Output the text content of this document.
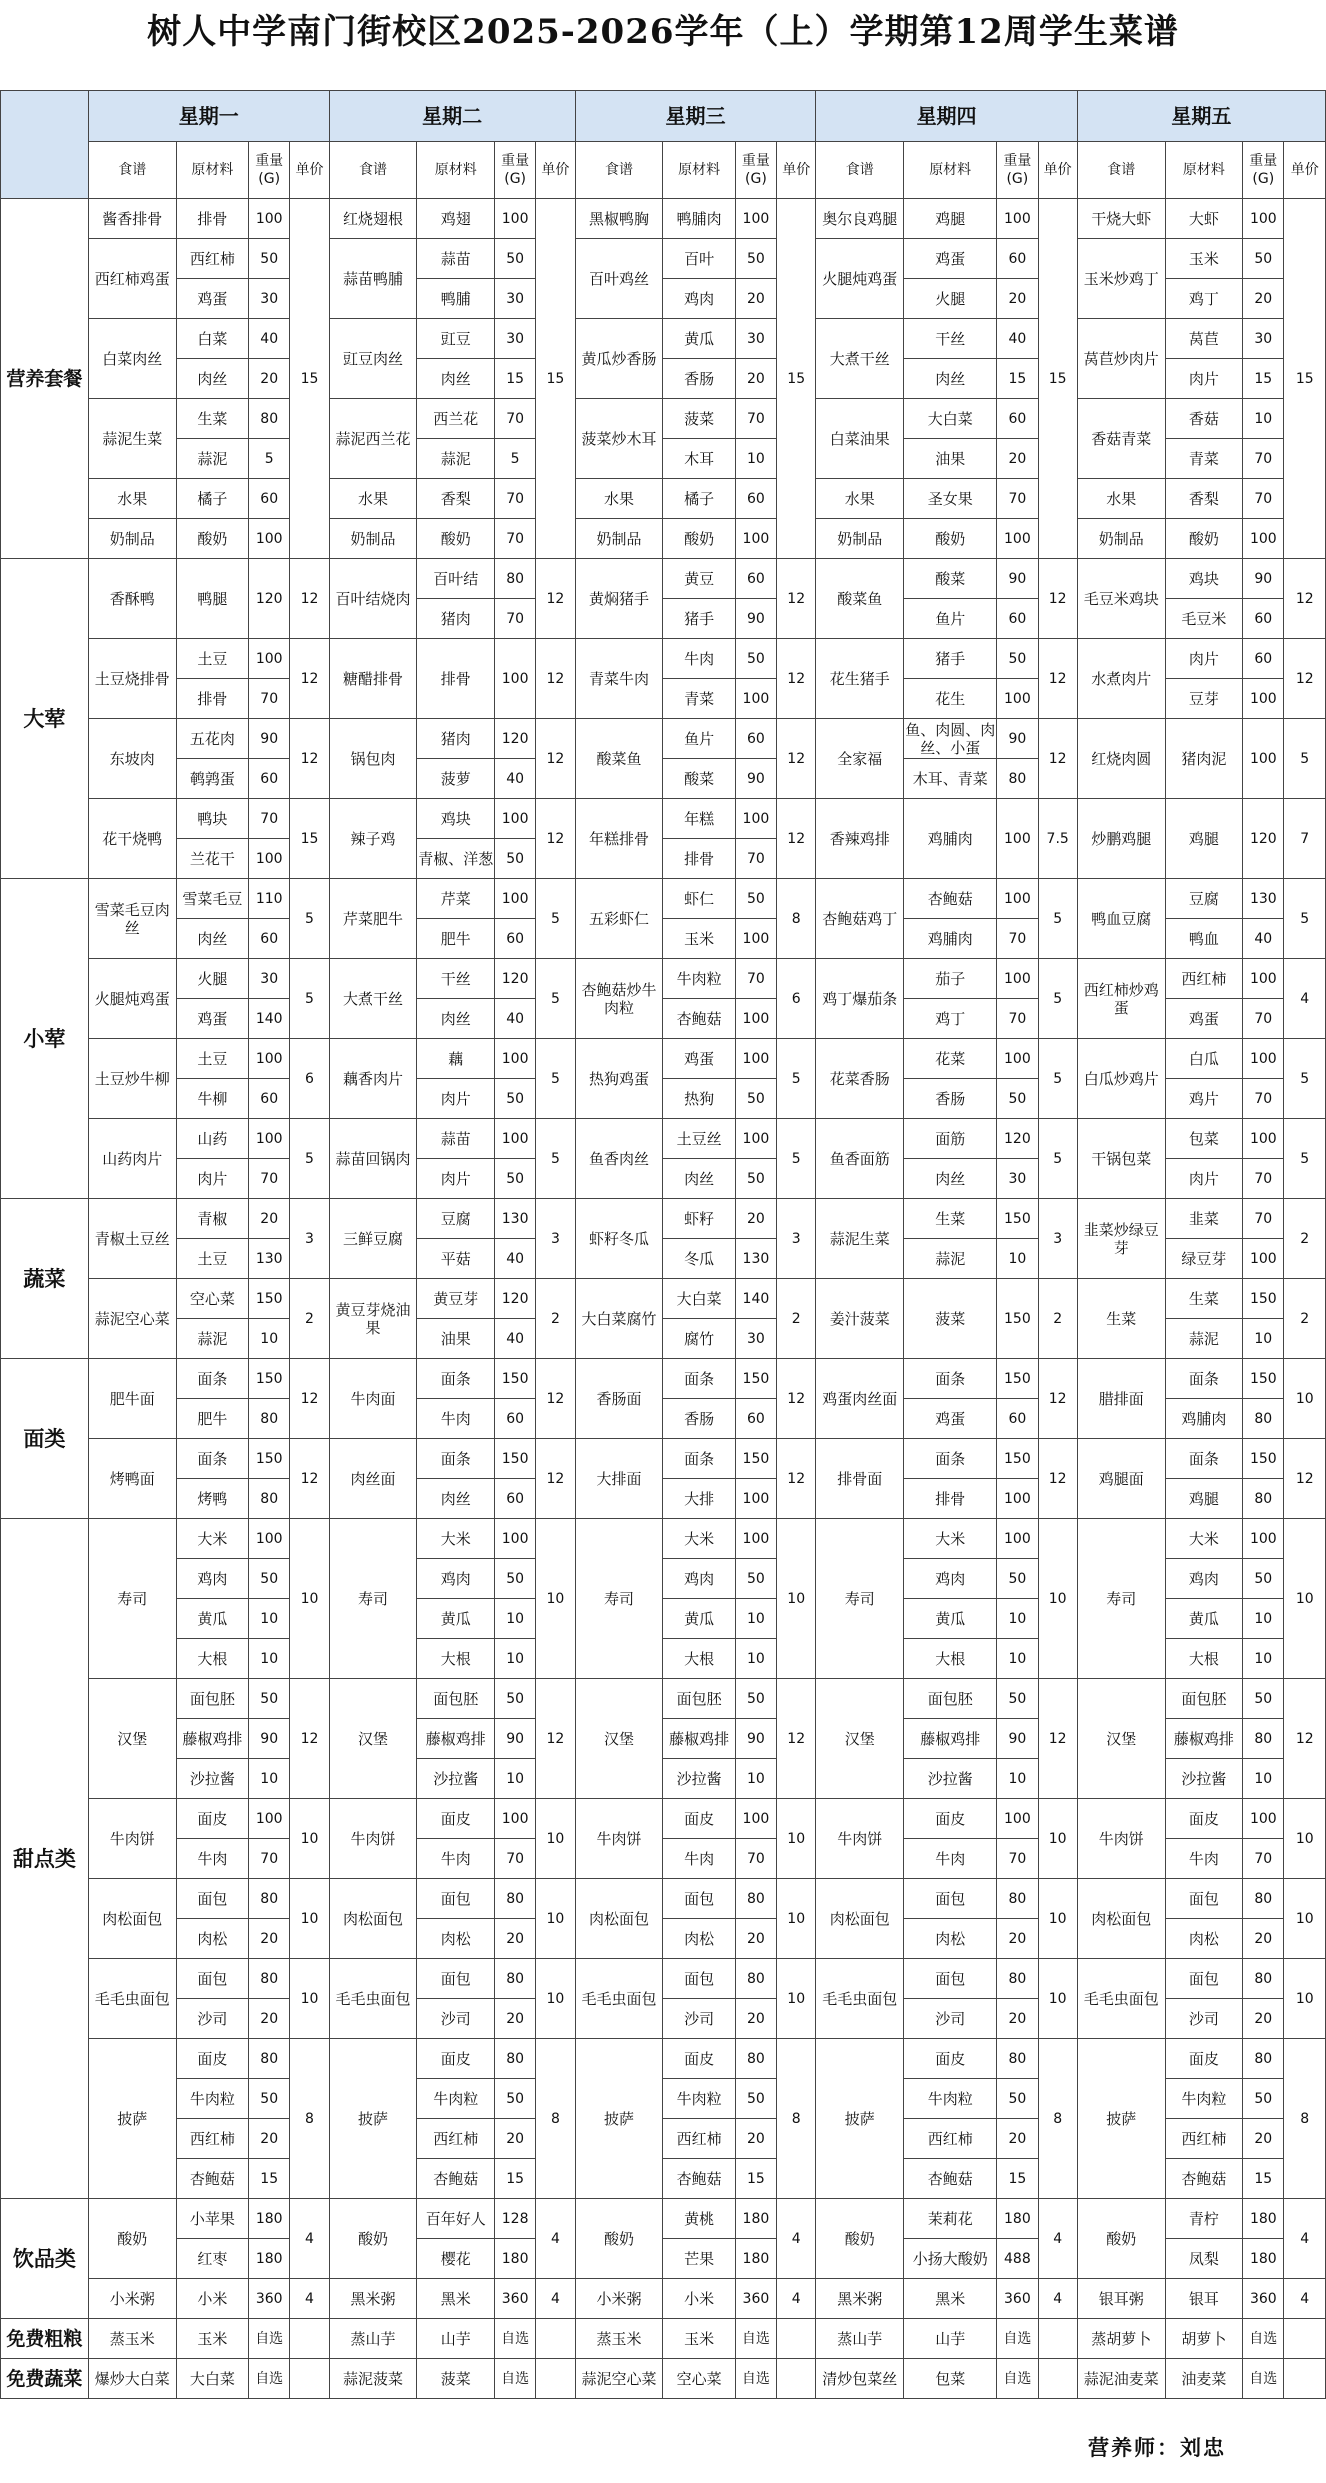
树人中学南门街校区2025-2026学年（上）学期第12周学生菜谱
	星期一				星期二				星期三				星期四				星期五			
	食谱	原材料	重量(G)	单价	食谱	原材料	重量(G)	单价	食谱	原材料	重量(G)	单价	食谱	原材料	重量(G)	单价	食谱	原材料	重量(G)	单价
营养套餐	酱香排骨	排骨	100	15	红烧翅根	鸡翅	100	15	黑椒鸭胸	鸭脯肉	100	15	奥尔良鸡腿	鸡腿	100	15	干烧大虾	大虾	100	15
	西红柿鸡蛋	西红柿	50		蒜苗鸭脯	蒜苗	50		百叶鸡丝	百叶	50		火腿炖鸡蛋	鸡蛋	60		玉米炒鸡丁	玉米	50	
		鸡蛋	30			鸭脯	30			鸡肉	20			火腿	20			鸡丁	20	
	白菜肉丝	白菜	40		豇豆肉丝	豇豆	30		黄瓜炒香肠	黄瓜	30		大煮干丝	干丝	40		莴苣炒肉片	莴苣	30	
		肉丝	20			肉丝	15			香肠	20			肉丝	15			肉片	15	
	蒜泥生菜	生菜	80		蒜泥西兰花	西兰花	70		菠菜炒木耳	菠菜	70		白菜油果	大白菜	60		香菇青菜	香菇	10	
		蒜泥	5			蒜泥	5			木耳	10			油果	20			青菜	70	
	水果	橘子	60		水果	香梨	70		水果	橘子	60		水果	圣女果	70		水果	香梨	70	
	奶制品	酸奶	100		奶制品	酸奶	70		奶制品	酸奶	100		奶制品	酸奶	100		奶制品	酸奶	100	
大荤	香酥鸭	鸭腿	120	12	百叶结烧肉	百叶结	80	12	黄焖猪手	黄豆	60	12	酸菜鱼	酸菜	90	12	毛豆米鸡块	鸡块	90	12
						猪肉	70			猪手	90			鱼片	60			毛豆米	60	
	土豆烧排骨	土豆	100	12	糖醋排骨	排骨	100	12	青菜牛肉	牛肉	50	12	花生猪手	猪手	50	12	水煮肉片	肉片	60	12
		排骨	70							青菜	100			花生	100			豆芽	100	
	东坡肉	五花肉	90	12	锅包肉	猪肉	120	12	酸菜鱼	鱼片	60	12	全家福	鱼、肉圆、肉丝、小蛋	90	12	红烧肉圆	猪肉泥	100	5
		鹌鹑蛋	60			菠萝	40			酸菜	90			木耳、青菜	80					
	花干烧鸭	鸭块	70	15	辣子鸡	鸡块	100	12	年糕排骨	年糕	100	12	香辣鸡排	鸡脯肉	100	7.5	炒鹏鸡腿	鸡腿	120	7
		兰花干	100			青椒、洋葱	50			排骨	70									
小荤	雪菜毛豆肉丝	雪菜毛豆	110	5	芹菜肥牛	芹菜	100	5	五彩虾仁	虾仁	50	8	杏鲍菇鸡丁	杏鲍菇	100	5	鸭血豆腐	豆腐	130	5
		肉丝	60			肥牛	60			玉米	100			鸡脯肉	70			鸭血	40	
	火腿炖鸡蛋	火腿	30	5	大煮干丝	干丝	120	5	杏鲍菇炒牛肉粒	牛肉粒	70	6	鸡丁爆茄条	茄子	100	5	西红柿炒鸡蛋	西红柿	100	4
		鸡蛋	140			肉丝	40			杏鲍菇	100			鸡丁	70			鸡蛋	70	
	土豆炒牛柳	土豆	100	6	藕香肉片	藕	100	5	热狗鸡蛋	鸡蛋	100	5	花菜香肠	花菜	100	5	白瓜炒鸡片	白瓜	100	5
		牛柳	60			肉片	50			热狗	50			香肠	50			鸡片	70	
	山药肉片	山药	100	5	蒜苗回锅肉	蒜苗	100	5	鱼香肉丝	土豆丝	100	5	鱼香面筋	面筋	120	5	干锅包菜	包菜	100	5
		肉片	70			肉片	50			肉丝	50			肉丝	30			肉片	70	
蔬菜	青椒土豆丝	青椒	20	3	三鲜豆腐	豆腐	130	3	虾籽冬瓜	虾籽	20	3	蒜泥生菜	生菜	150	3	韭菜炒绿豆芽	韭菜	70	2
		土豆	130			平菇	40			冬瓜	130			蒜泥	10			绿豆芽	100	
	蒜泥空心菜	空心菜	150	2	黄豆芽烧油果	黄豆芽	120	2	大白菜腐竹	大白菜	140	2	姜汁菠菜	菠菜	150	2	生菜	生菜	150	2
		蒜泥	10			油果	40			腐竹	30							蒜泥	10	
面类	肥牛面	面条	150	12	牛肉面	面条	150	12	香肠面	面条	150	12	鸡蛋肉丝面	面条	150	12	腊排面	面条	150	10
		肥牛	80			牛肉	60			香肠	60			鸡蛋	60			鸡脯肉	80	
	烤鸭面	面条	150	12	肉丝面	面条	150	12	大排面	面条	150	12	排骨面	面条	150	12	鸡腿面	面条	150	12
		烤鸭	80			肉丝	60			大排	100			排骨	100			鸡腿	80	
甜点类	寿司	大米	100	10	寿司	大米	100	10	寿司	大米	100	10	寿司	大米	100	10	寿司	大米	100	10
		鸡肉	50			鸡肉	50			鸡肉	50			鸡肉	50			鸡肉	50	
		黄瓜	10			黄瓜	10			黄瓜	10			黄瓜	10			黄瓜	10	
		大根	10			大根	10			大根	10			大根	10			大根	10	
	汉堡	面包胚	50	12	汉堡	面包胚	50	12	汉堡	面包胚	50	12	汉堡	面包胚	50	12	汉堡	面包胚	50	12
		藤椒鸡排	90			藤椒鸡排	90			藤椒鸡排	90			藤椒鸡排	90			藤椒鸡排	80	
		沙拉酱	10			沙拉酱	10			沙拉酱	10			沙拉酱	10			沙拉酱	10	
	牛肉饼	面皮	100	10	牛肉饼	面皮	100	10	牛肉饼	面皮	100	10	牛肉饼	面皮	100	10	牛肉饼	面皮	100	10
		牛肉	70			牛肉	70			牛肉	70			牛肉	70			牛肉	70	
	肉松面包	面包	80	10	肉松面包	面包	80	10	肉松面包	面包	80	10	肉松面包	面包	80	10	肉松面包	面包	80	10
		肉松	20			肉松	20			肉松	20			肉松	20			肉松	20	
	毛毛虫面包	面包	80	10	毛毛虫面包	面包	80	10	毛毛虫面包	面包	80	10	毛毛虫面包	面包	80	10	毛毛虫面包	面包	80	10
		沙司	20			沙司	20			沙司	20			沙司	20			沙司	20	
	披萨	面皮	80	8	披萨	面皮	80	8	披萨	面皮	80	8	披萨	面皮	80	8	披萨	面皮	80	8
		牛肉粒	50			牛肉粒	50			牛肉粒	50			牛肉粒	50			牛肉粒	50	
		西红柿	20			西红柿	20			西红柿	20			西红柿	20			西红柿	20	
		杏鲍菇	15			杏鲍菇	15			杏鲍菇	15			杏鲍菇	15			杏鲍菇	15	
饮品类	酸奶	小苹果	180	4	酸奶	百年好人	128	4	酸奶	黄桃	180	4	酸奶	茉莉花	180	4	酸奶	青柠	180	4
		红枣	180			樱花	180			芒果	180			小扬大酸奶	488			凤梨	180	
	小米粥	小米	360	4	黑米粥	黑米	360	4	小米粥	小米	360	4	黑米粥	黑米	360	4	银耳粥	银耳	360	4
免费粗粮	蒸玉米	玉米	自选		蒸山芋	山芋	自选		蒸玉米	玉米	自选		蒸山芋	山芋	自选		蒸胡萝卜	胡萝卜	自选	
免费蔬菜	爆炒大白菜	大白菜	自选		蒜泥菠菜	菠菜	自选		蒜泥空心菜	空心菜	自选		清炒包菜丝	包菜	自选		蒜泥油麦菜	油麦菜	自选	
营养师：刘忠
